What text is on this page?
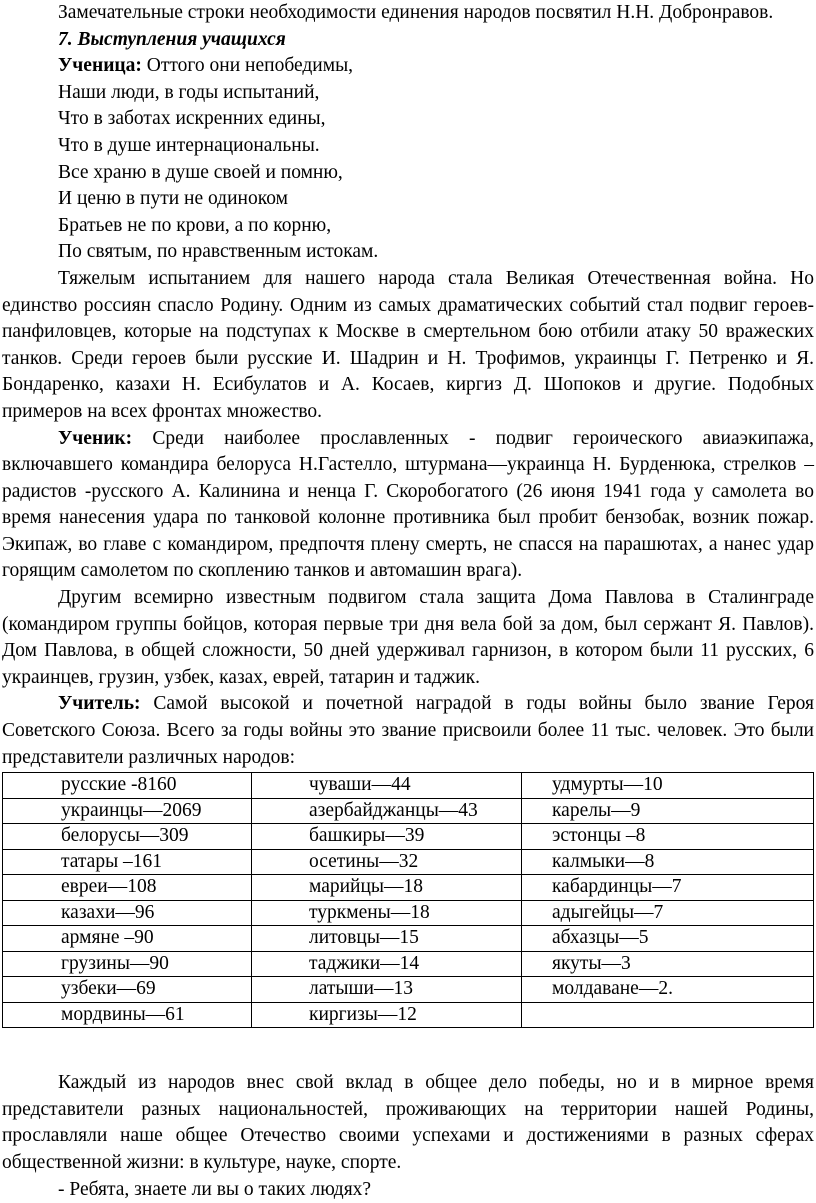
Замечательные строки необходимости единения народов посвятил Н.Н. Добронравов.

7. Выступления учащихся

Ученица: Оттого они непобедимы,

Наши люди, в годы испытаний,

Что в заботах искренних едины,

Что в душе интернациональны.

Все храню в душе своей и помню,

И ценю в пути не одиноком

Братьев не по крови, а по корню,

По святым, по нравственным истокам.

Тяжелым испытанием для нашего народа стала Великая Отечественная война. Но единство россиян спасло Родину. Одним из самых драматических событий стал подвиг героев- панфиловцев, которые на подступах к Москве в смертельном бою отбили атаку 50 вражеских танков. Среди героев были русские И. Шадрин и Н. Трофимов, украинцы Г. Петренко и Я. Бондаренко, казахи Н. Есибулатов и А. Косаев, киргиз Д. Шопоков и другие. Подобных примеров на всех фронтах множество.

Ученик: Среди наиболее прославленных - подвиг героического авиаэкипажа, включавшего командира белоруса Н.Гастелло, штурмана—украинца Н. Бурденюка, стрелков – радистов -русского А. Калинина и ненца Г. Скоробогатого (26 июня 1941 года у самолета во время нанесения удара по танковой колонне противника был пробит бензобак, возник пожар. Экипаж, во главе с командиром, предпочтя плену смерть, не спасся на парашютах, а нанес удар горящим самолетом по скоплению танков и автомашин врага).

Другим всемирно известным подвигом стала защита Дома Павлова в Сталинграде (командиром группы бойцов, которая первые три дня вела бой за дом, был сержант Я. Павлов). Дом Павлова, в общей сложности, 50 дней удерживал гарнизон, в котором были 11 русских, 6 украинцев, грузин, узбек, казах, еврей, татарин и таджик.

Учитель: Самой высокой и почетной наградой в годы войны было звание Героя Советского Союза. Всего за годы войны это звание присвоили более 11 тыс. человек. Это были представители различных народов:

русские -8160	чуваши—44	удмурты—10
украинцы—2069	азербайджанцы—43	карелы—9
белорусы—309	башкиры—39	эстонцы –8
татары –161	осетины—32	калмыки—8
евреи—108	марийцы—18	кабардинцы—7
казахи—96	туркмены—18	адыгейцы—7
армяне –90	литовцы—15	абхазцы—5
грузины—90	таджики—14	якуты—3
узбеки—69	латыши—13	молдаване—2.
мордвины—61	киргизы—12	

Каждый из народов внес свой вклад в общее дело победы, но и в мирное время представители разных национальностей, проживающих на территории нашей Родины, прославляли наше общее Отечество своими успехами и достижениями в разных сферах общественной жизни: в культуре, науке, спорте.

- Ребята, знаете ли вы о таких людях?
